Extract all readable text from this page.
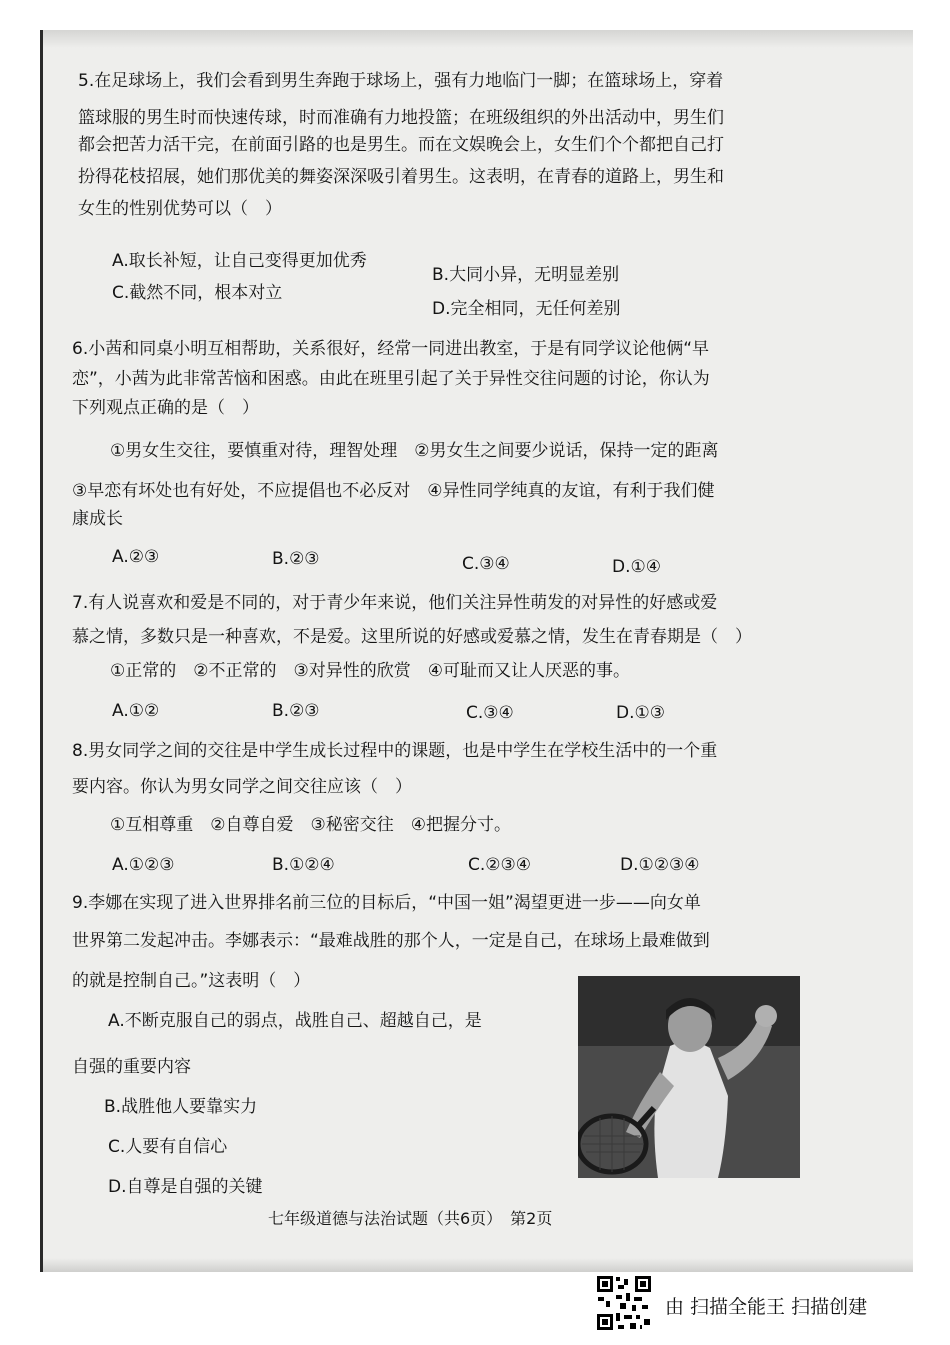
5.在足球场上，我们会看到男生奔跑于球场上，强有力地临门一脚；在篮球场上，穿着
篮球服的男生时而快速传球，时而准确有力地投篮；在班级组织的外出活动中，男生们
都会把苦力活干完，在前面引路的也是男生。而在文娱晚会上，女生们个个都把自己打
扮得花枝招展，她们那优美的舞姿深深吸引着男生。这表明，在青春的道路上，男生和
女生的性别优势可以（　）
A.取长补短，让自己变得更加优秀
B.大同小异，无明显差别
C.截然不同，根本对立
D.完全相同，无任何差别
6.小茜和同桌小明互相帮助，关系很好，经常一同进出教室，于是有同学议论他俩“早
恋”，小茜为此非常苦恼和困惑。由此在班里引起了关于异性交往问题的讨论，你认为
下列观点正确的是（　）
①男女生交往，要慎重对待，理智处理　②男女生之间要少说话，保持一定的距离
③早恋有坏处也有好处，不应提倡也不必反对　④异性同学纯真的友谊，有利于我们健
康成长
A.②③	B.②③	C.③④	D.①④
7.有人说喜欢和爱是不同的，对于青少年来说，他们关注异性萌发的对异性的好感或爱
慕之情，多数只是一种喜欢，不是爱。这里所说的好感或爱慕之情，发生在青春期是（　）
①正常的　②不正常的　③对异性的欣赏　④可耻而又让人厌恶的事。
A.①②	B.②③	C.③④	D.①③
8.男女同学之间的交往是中学生成长过程中的课题，也是中学生在学校生活中的一个重
要内容。你认为男女同学之间交往应该（　）
①互相尊重　②自尊自爱　③秘密交往　④把握分寸。
A.①②③	B.①②④	C.②③④	D.①②③④
9.李娜在实现了进入世界排名前三位的目标后，“中国一姐”渴望更进一步——向女单
世界第二发起冲击。李娜表示：“最难战胜的那个人，一定是自己，在球场上最难做到
的就是控制自己。”这表明（　）
A.不断克服自己的弱点，战胜自己、超越自己，是
自强的重要内容
B.战胜他人要靠实力
C.人要有自信心
D.自尊是自强的关键
七年级道德与法治试题（共6页）　第2页
由 扫描全能王 扫描创建
